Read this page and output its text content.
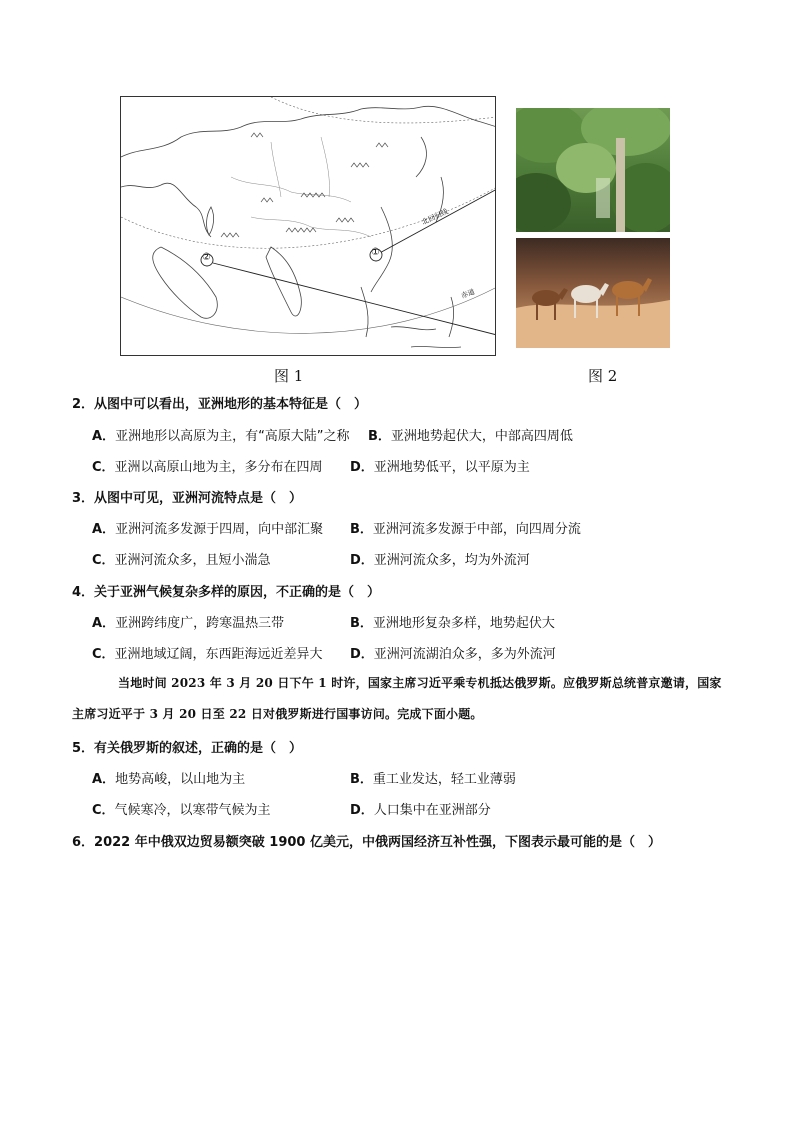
①
②
北回归线
赤道
图 1	图 2
2．从图中可以看出，亚洲地形的基本特征是（　）
A．亚洲地形以高原为主，有“高原大陆”之称 B．亚洲地势起伏大，中部高四周低
C．亚洲以高原山地为主，多分布在四周 D．亚洲地势低平，以平原为主
3．从图中可见，亚洲河流特点是（　）
A．亚洲河流多发源于四周，向中部汇聚 B．亚洲河流多发源于中部，向四周分流
C．亚洲河流众多，且短小湍急	D．亚洲河流众多，均为外流河
4．关于亚洲气候复杂多样的原因，不正确的是（　）
A．亚洲跨纬度广，跨寒温热三带	B．亚洲地形复杂多样，地势起伏大
C．亚洲地域辽阔，东西距海远近差异大 D．亚洲河流湖泊众多，多为外流河
当地时间 2023 年 3 月 20 日下午 1 时许，国家主席习近平乘专机抵达俄罗斯。应俄罗斯总统普京邀请，国家主席习近平于 3 月 20 日至 22 日对俄罗斯进行国事访问。完成下面小题。
5．有关俄罗斯的叙述，正确的是（　）
A．地势高峻，以山地为主	B．重工业发达，轻工业薄弱
C．气候寒冷，以寒带气候为主	D．人口集中在亚洲部分
6．2022 年中俄双边贸易额突破 1900 亿美元，中俄两国经济互补性强，下图表示最可能的是（　）
